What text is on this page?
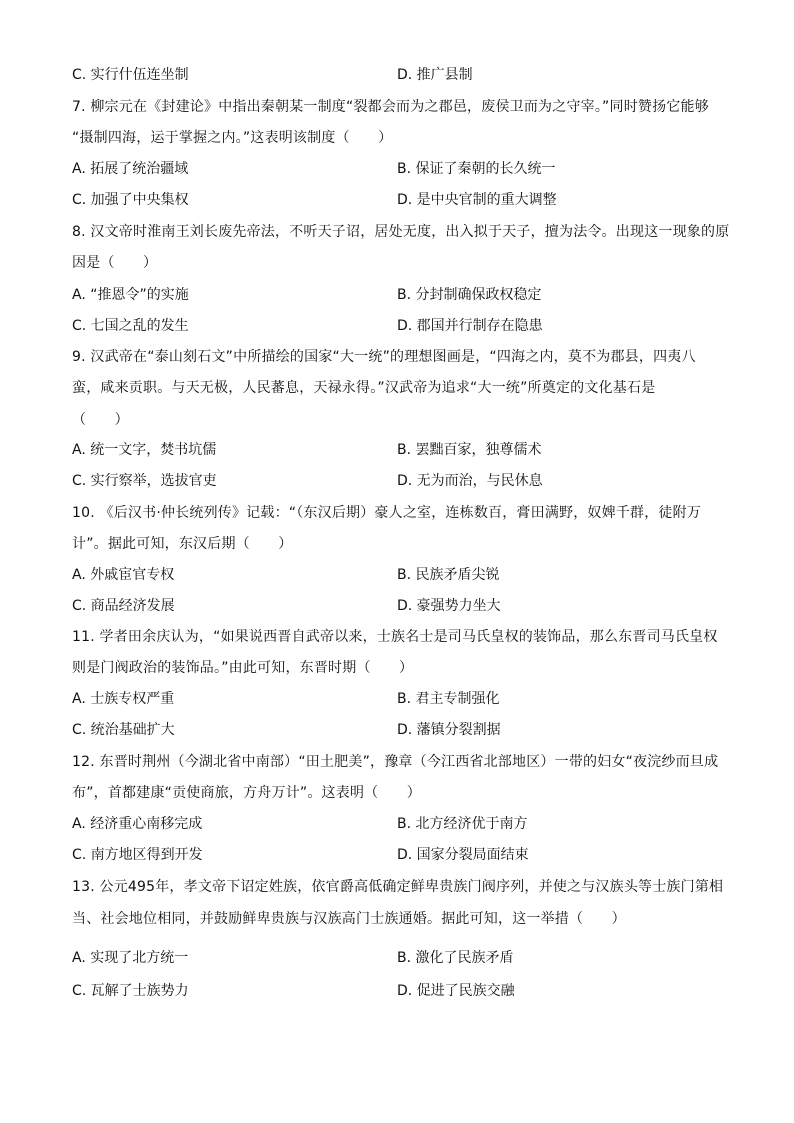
C. 实行什伍连坐制	D. 推广县制
7. 柳宗元在《封建论》中指出秦朝某一制度“裂都会而为之郡邑，废侯卫而为之守宰。”同时赞扬它能够
“摄制四海，运于掌握之内。”这表明该制度（　　）
A. 拓展了统治疆域	B. 保证了秦朝的长久统一
C. 加强了中央集权	D. 是中央官制的重大调整
8. 汉文帝时淮南王刘长废先帝法，不听天子诏，居处无度，出入拟于天子，擅为法令。出现这一现象的原
因是（　　）
A. “推恩令”的实施	B. 分封制确保政权稳定
C. 七国之乱的发生	D. 郡国并行制存在隐患
9. 汉武帝在“泰山刻石文”中所描绘的国家“大一统”的理想图画是，“四海之内，莫不为郡县，四夷八
蛮，咸来贡职。与天无极，人民蕃息，天禄永得。”汉武帝为追求“大一统”所奠定的文化基石是
（　　）
A. 统一文字，焚书坑儒	B. 罢黜百家，独尊儒术
C. 实行察举，选拔官吏	D. 无为而治，与民休息
10. 《后汉书·仲长统列传》记载：“（东汉后期）豪人之室，连栋数百，膏田满野，奴婢千群，徒附万
计”。据此可知，东汉后期（　　）
A. 外戚宦官专权	B. 民族矛盾尖锐
C. 商品经济发展	D. 豪强势力坐大
11. 学者田余庆认为，“如果说西晋自武帝以来，士族名士是司马氏皇权的装饰品，那么东晋司马氏皇权
则是门阀政治的装饰品。”由此可知，东晋时期（　　）
A. 士族专权严重	B. 君主专制强化
C. 统治基础扩大	D. 藩镇分裂割据
12. 东晋时荆州（今湖北省中南部）“田土肥美”，豫章（今江西省北部地区）一带的妇女“夜浣纱而旦成
布”，首都建康“贡使商旅，方舟万计”。这表明（　　）
A. 经济重心南移完成	B. 北方经济优于南方
C. 南方地区得到开发	D. 国家分裂局面结束
13. 公元495年，孝文帝下诏定姓族，依官爵高低确定鲜卑贵族门阀序列，并使之与汉族头等士族门第相
当、社会地位相同，并鼓励鲜卑贵族与汉族高门士族通婚。据此可知，这一举措（　　）
A. 实现了北方统一	B. 激化了民族矛盾
C. 瓦解了士族势力	D. 促进了民族交融
